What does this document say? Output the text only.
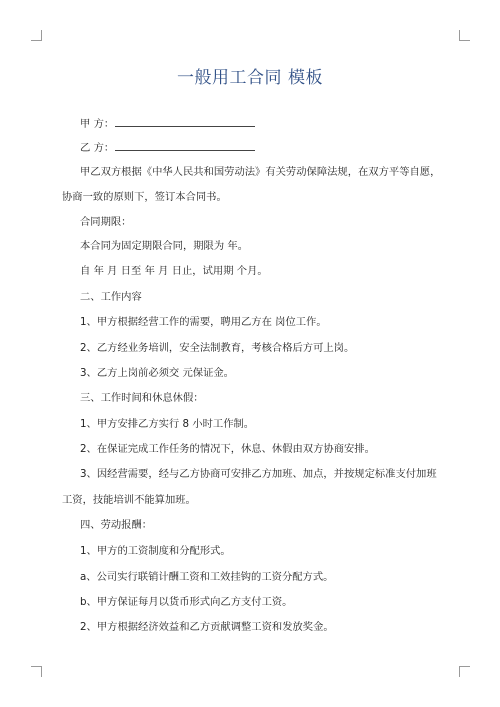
一般用工合同 模板

甲 方：

乙 方：

甲乙双方根据《中华人民共和国劳动法》有关劳动保障法规，在双方平等自愿，

协商一致的原则下，签订本合同书。

合同期限：

本合同为固定期限合同，期限为 年。

自 年 月 日至 年 月 日止，试用期 个月。

二、工作内容

1、甲方根据经营工作的需要，聘用乙方在 岗位工作。

2、乙方经业务培训，安全法制教育，考核合格后方可上岗。

3、乙方上岗前必须交 元保证金。

三、工作时间和休息休假：

1、甲方安排乙方实行 8 小时工作制。

2、在保证完成工作任务的情况下，休息、休假由双方协商安排。

3、因经营需要，经与乙方协商可安排乙方加班、加点，并按规定标准支付加班

工资，技能培训不能算加班。

四、劳动报酬：

1、甲方的工资制度和分配形式。

a、公司实行联销计酬工资和工效挂钩的工资分配方式。

b、甲方保证每月以货币形式向乙方支付工资。

2、甲方根据经济效益和乙方贡献调整工资和发放奖金。
